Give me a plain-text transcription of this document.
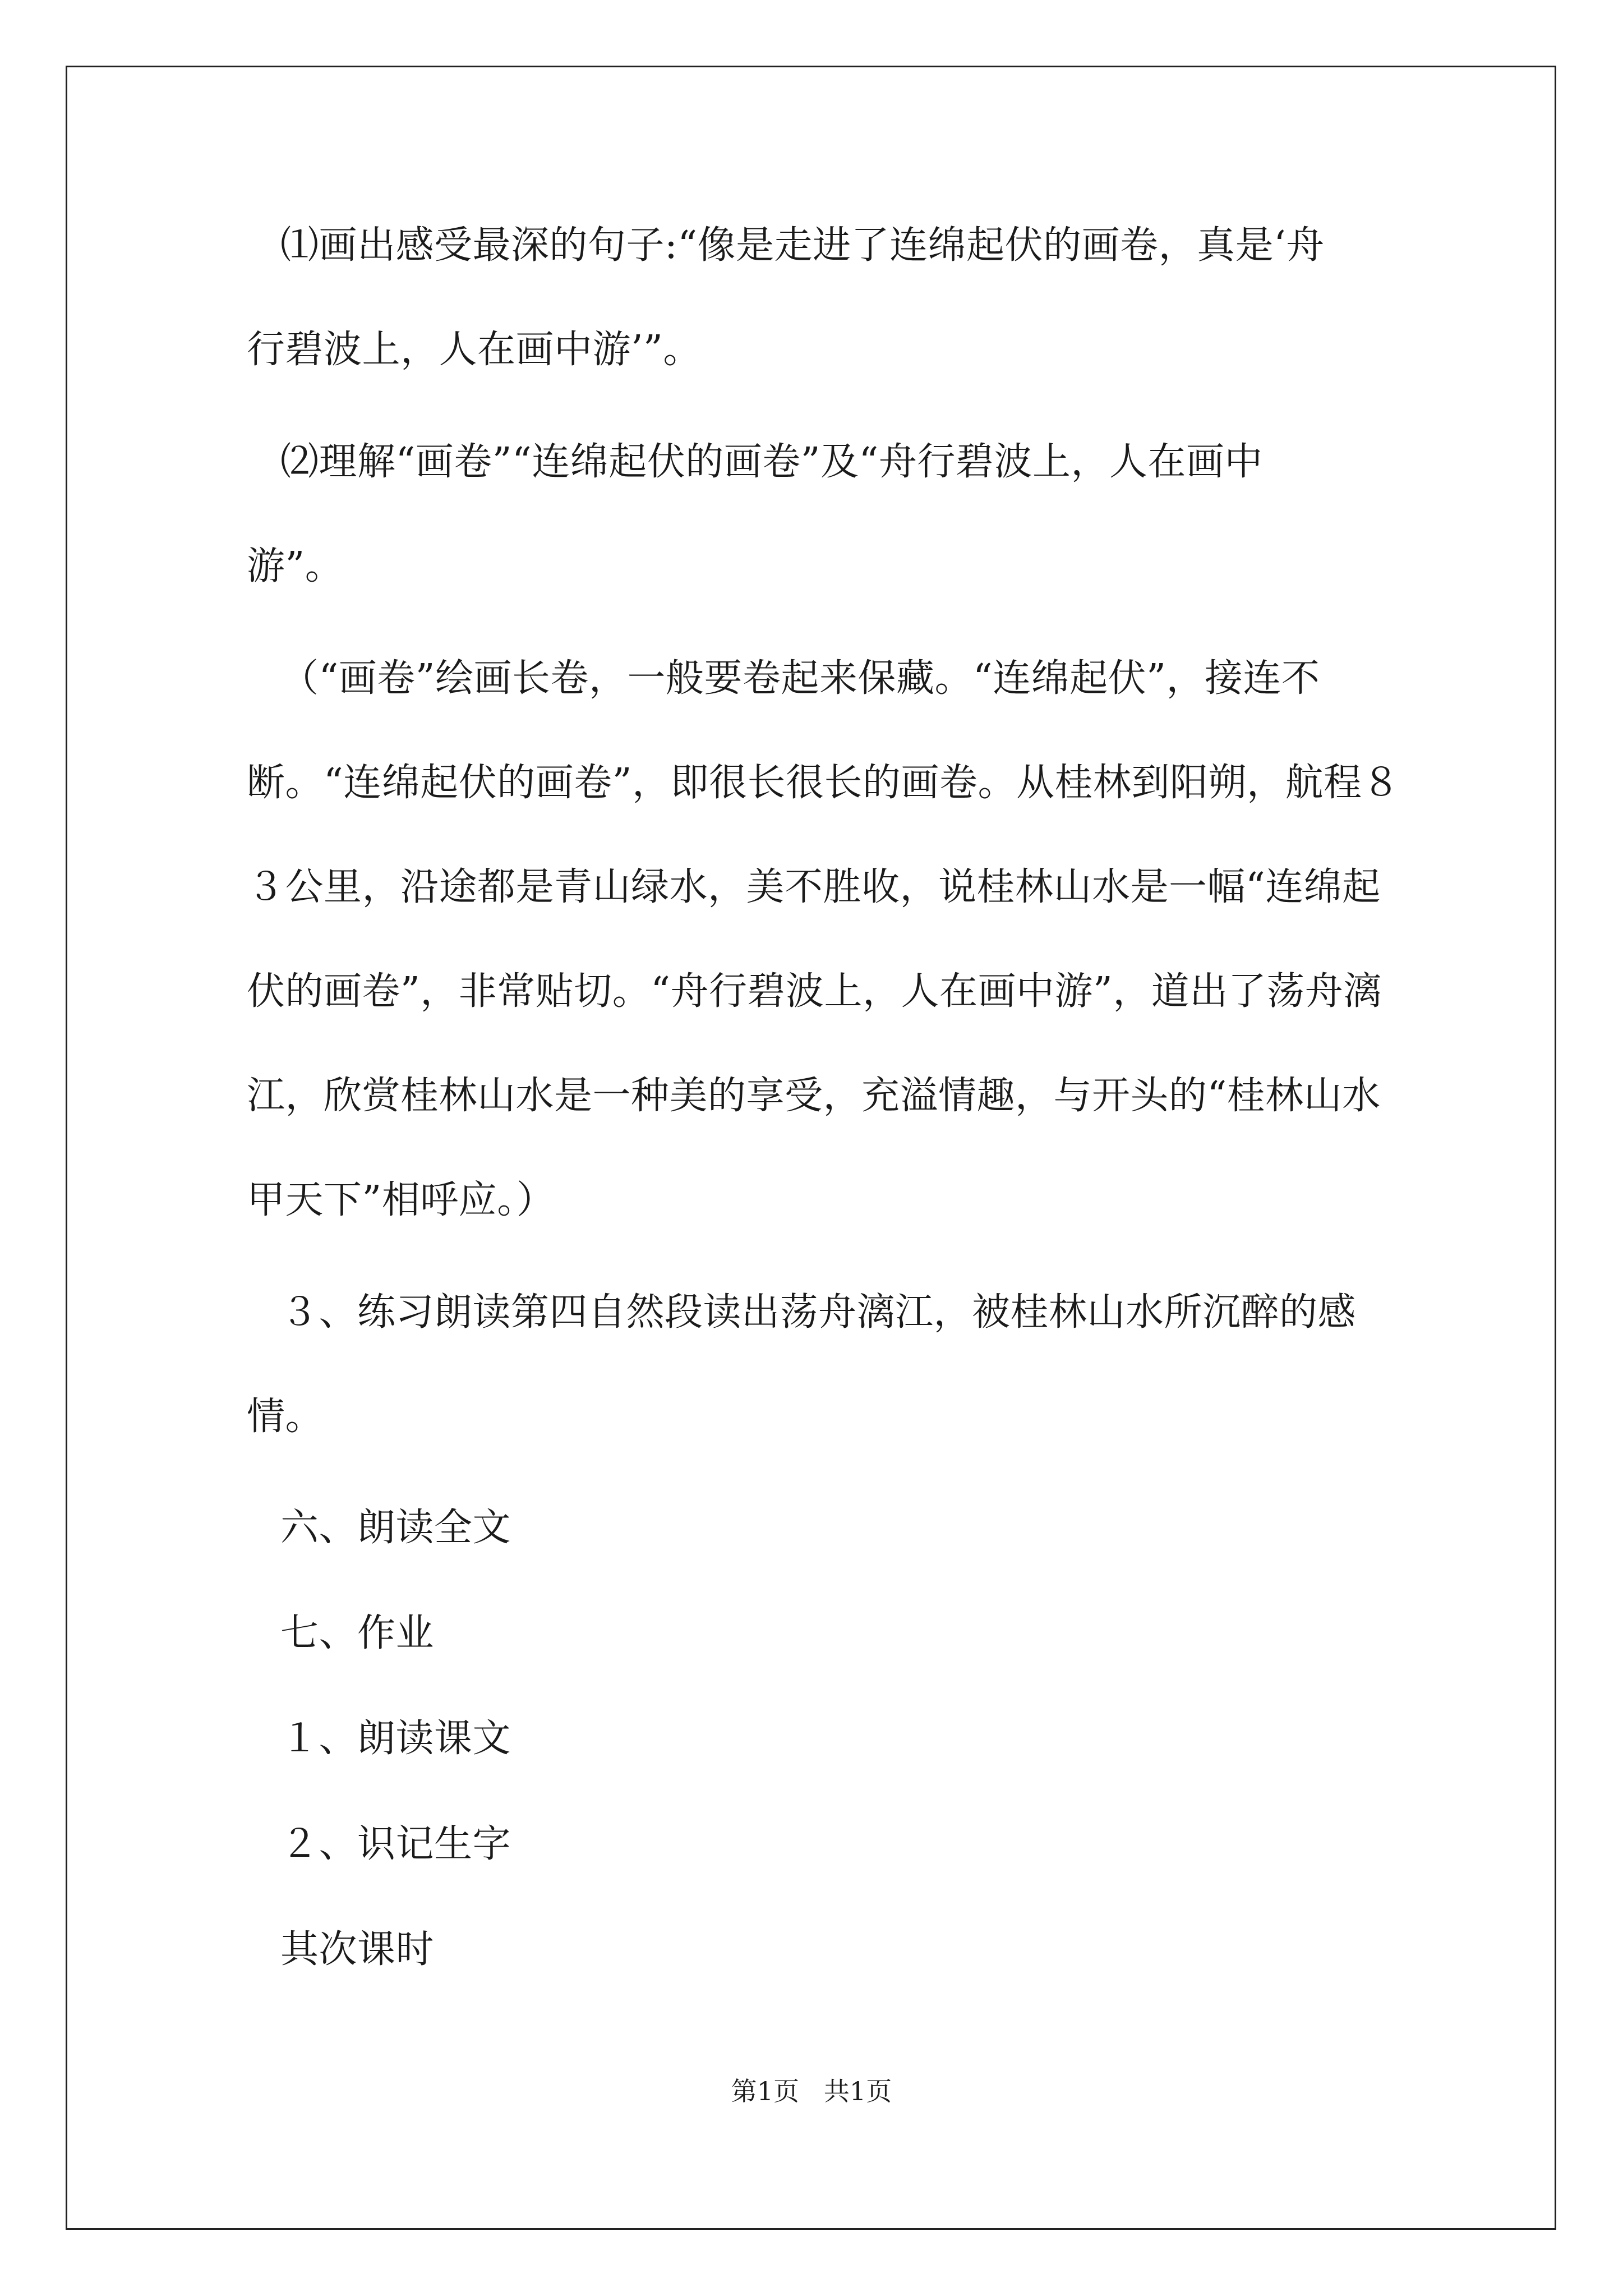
⑴画出感受最深的句子:“像是走进了连绵起伏的画卷，真是‘舟
行碧波上，人在画中游’”。
⑵理解“画卷”“连绵起伏的画卷”及“舟行碧波上，人在画中
游”。
（“画卷”绘画长卷，一般要卷起来保藏。“连绵起伏”，接连不
断。“连绵起伏的画卷”，即很长很长的画卷。从桂林到阳朔，航程８
３公里，沿途都是青山绿水，美不胜收，说桂林山水是一幅“连绵起
伏的画卷”，非常贴切。“舟行碧波上，人在画中游”，道出了荡舟漓
江，欣赏桂林山水是一种美的享受，充溢情趣，与开头的“桂林山水
甲天下”相呼应。）
３、练习朗读第四自然段读出荡舟漓江，被桂林山水所沉醉的感
情。
六、朗读全文
七、作业
１、朗读课文
２、识记生字
其次课时
第1页   共1页
